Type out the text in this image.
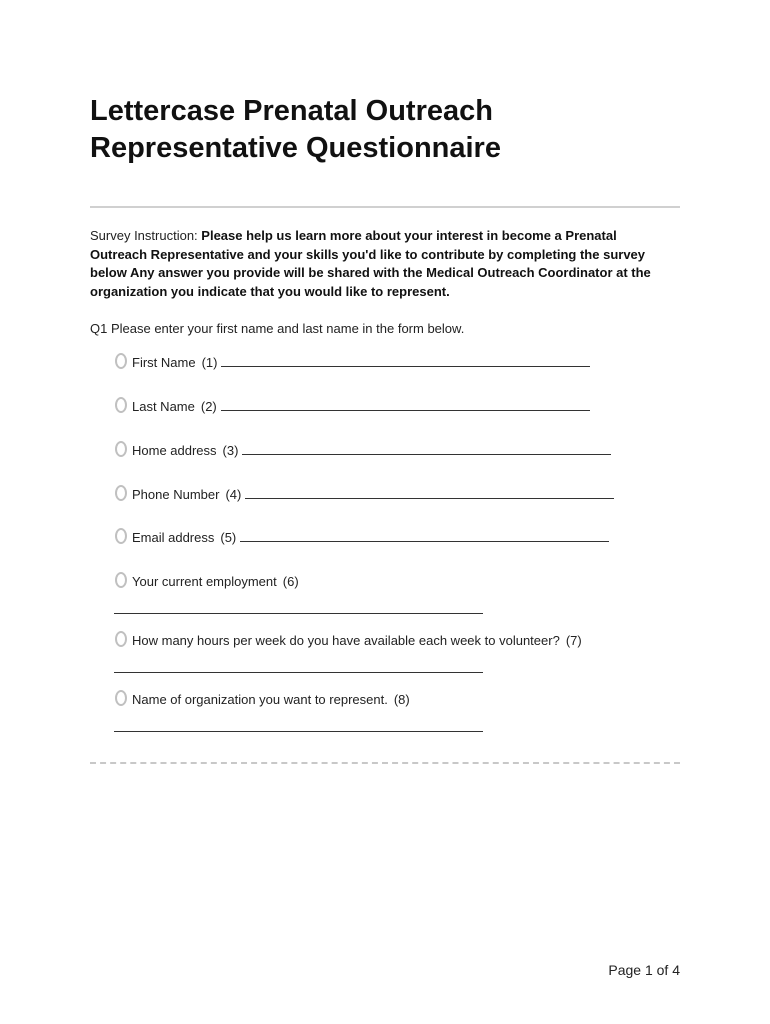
Lettercase Prenatal Outreach
Representative Questionnaire
Survey Instruction: Please help us learn more about your interest in become a Prenatal Outreach Representative and your skills you'd like to contribute by completing the survey below Any answer you provide will be shared with the Medical Outreach Coordinator at the organization you indicate that you would like to represent.
Q1 Please enter your first name and last name in the form below.
First Name (1)
Last Name (2)
Home address (3)
Phone Number (4)
Email address (5)
Your current employment (6)
How many hours per week do you have available each week to volunteer? (7)
Name of organization you want to represent. (8)
Page 1 of 4
